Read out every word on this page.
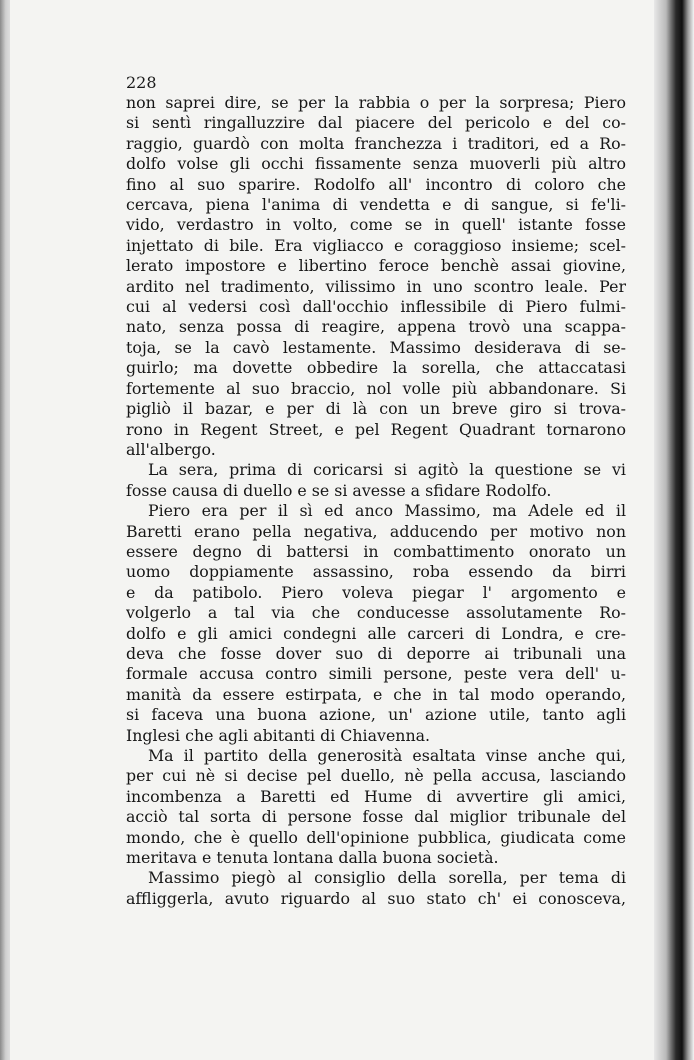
228

non saprei dire, se per la rabbia o per la sorpresa; Piero
si sentì ringalluzzire dal piacere del pericolo e del co-
raggio, guardò con molta franchezza i traditori, ed a Ro-
dolfo volse gli occhi fissamente senza muoverli più altro
fino al suo sparire. Rodolfo all' incontro di coloro che
cercava, piena l'anima di vendetta e di sangue, si fe'li-
vido, verdastro in volto, come se in quell' istante fosse
injettato di bile. Era vigliacco e coraggioso insieme; scel-
lerato impostore e libertino feroce benchè assai giovine,
ardito nel tradimento, vilissimo in uno scontro leale. Per
cui al vedersi così dall'occhio inflessibile di Piero fulmi-
nato, senza possa di reagire, appena trovò una scappa-
toja, se la cavò lestamente. Massimo desiderava di se-
guirlo; ma dovette obbedire la sorella, che attaccatasi
fortemente al suo braccio, nol volle più abbandonare. Si
pigliò il bazar, e per di là con un breve giro si trova-
rono in Regent Street, e pel Regent Quadrant tornarono
all'albergo.
La sera, prima di coricarsi si agitò la questione se vi
fosse causa di duello e se si avesse a sfidare Rodolfo.
Piero era per il sì ed anco Massimo, ma Adele ed il
Baretti erano pella negativa, adducendo per motivo non
essere degno di battersi in combattimento onorato un
uomo doppiamente assassino, roba essendo da birri
e da patibolo. Piero voleva piegar l' argomento e
volgerlo a tal via che conducesse assolutamente Ro-
dolfo e gli amici condegni alle carceri di Londra, e cre-
deva che fosse dover suo di deporre ai tribunali una
formale accusa contro simili persone, peste vera dell' u-
manità da essere estirpata, e che in tal modo operando,
si faceva una buona azione, un' azione utile, tanto agli
Inglesi che agli abitanti di Chiavenna.
Ma il partito della generosità esaltata vinse anche qui,
per cui nè si decise pel duello, nè pella accusa, lasciando
incombenza a Baretti ed Hume di avvertire gli amici,
acciò tal sorta di persone fosse dal miglior tribunale del
mondo, che è quello dell'opinione pubblica, giudicata come
meritava e tenuta lontana dalla buona società.
Massimo piegò al consiglio della sorella, per tema di
affliggerla, avuto riguardo al suo stato ch' ei conosceva,
